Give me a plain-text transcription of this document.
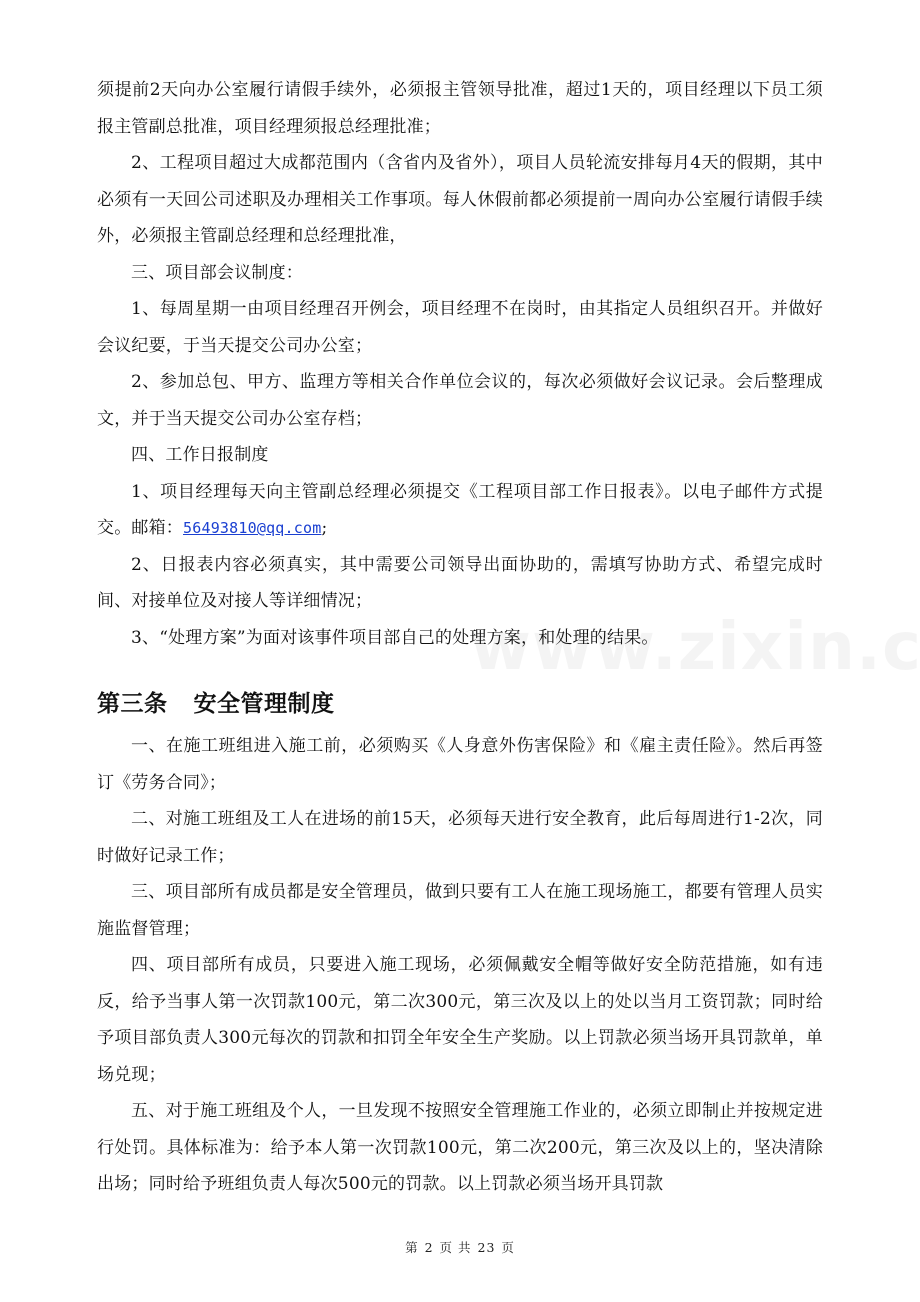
须提前2天向办公室履行请假手续外，必须报主管领导批准，超过1天的，项目经理以下员工须报主管副总批准，项目经理须报总经理批准；

2、工程项目超过大成都范围内（含省内及省外），项目人员轮流安排每月4天的假期，其中必须有一天回公司述职及办理相关工作事项。每人休假前都必须提前一周向办公室履行请假手续外，必须报主管副总经理和总经理批准，

三、项目部会议制度：

1、每周星期一由项目经理召开例会，项目经理不在岗时，由其指定人员组织召开。并做好会议纪要，于当天提交公司办公室；

2、参加总包、甲方、监理方等相关合作单位会议的，每次必须做好会议记录。会后整理成文，并于当天提交公司办公室存档；

四、工作日报制度

1、项目经理每天向主管副总经理必须提交《工程项目部工作日报表》。以电子邮件方式提交。邮箱：56493810@qq.com;

2、日报表内容必须真实，其中需要公司领导出面协助的，需填写协助方式、希望完成时间、对接单位及对接人等详细情况；

3、“处理方案”为面对该事件项目部自己的处理方案，和处理的结果。

第三条 安全管理制度

一、在施工班组进入施工前，必须购买《人身意外伤害保险》和《雇主责任险》。然后再签订《劳务合同》；

二、对施工班组及工人在进场的前15天，必须每天进行安全教育，此后每周进行1-2次，同时做好记录工作；

三、项目部所有成员都是安全管理员，做到只要有工人在施工现场施工，都要有管理人员实施监督管理；

四、项目部所有成员，只要进入施工现场，必须佩戴安全帽等做好安全防范措施，如有违反，给予当事人第一次罚款100元，第二次300元，第三次及以上的处以当月工资罚款；同时给予项目部负责人300元每次的罚款和扣罚全年安全生产奖励。以上罚款必须当场开具罚款单，单场兑现；

五、对于施工班组及个人，一旦发现不按照安全管理施工作业的，必须立即制止并按规定进行处罚。具体标准为：给予本人第一次罚款100元，第二次200元，第三次及以上的，坚决清除出场；同时给予班组负责人每次500元的罚款。以上罚款必须当场开具罚款

第 2 页 共 23 页
